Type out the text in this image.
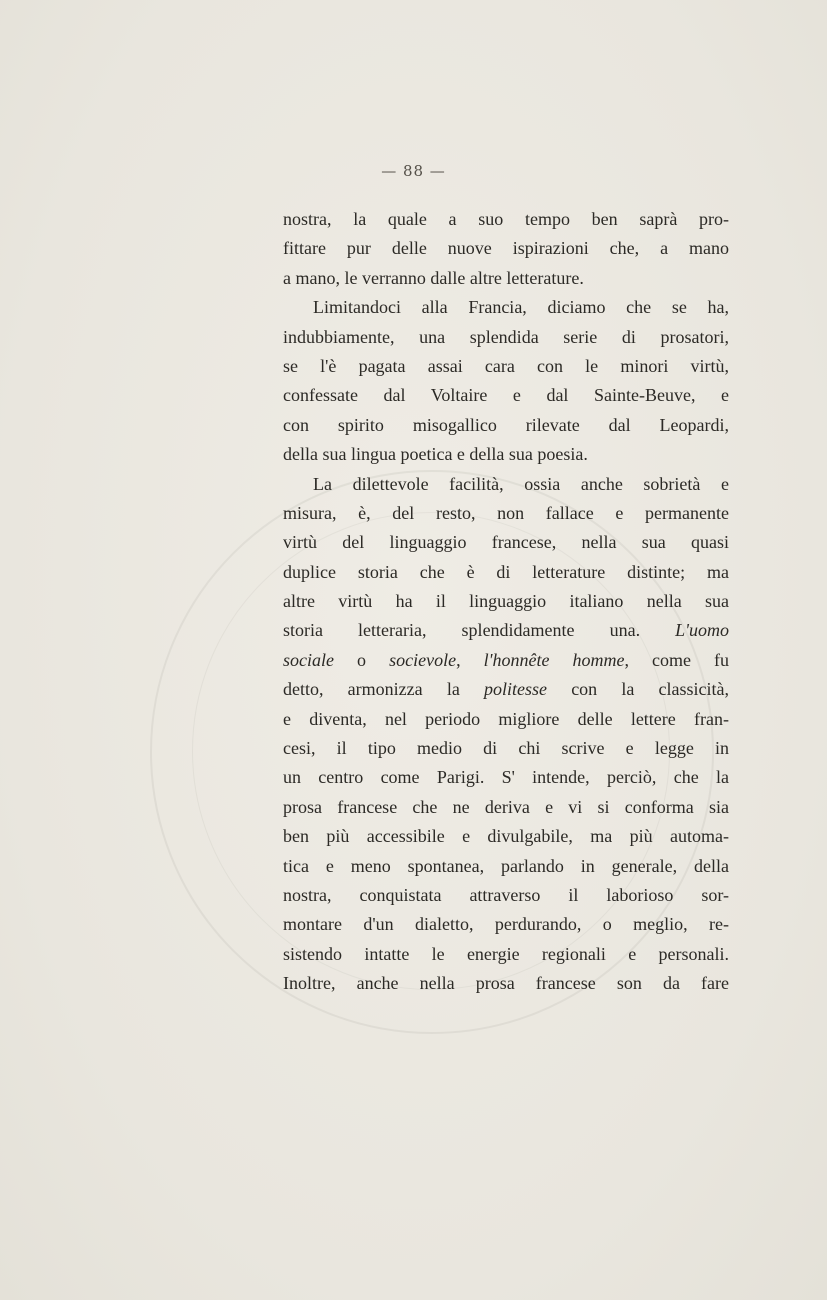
— 88 —
nostra, la quale a suo tempo ben saprà pro-
fittare pur delle nuove ispirazioni che, a mano
a mano, le verranno dalle altre letterature.
Limitandoci alla Francia, diciamo che se ha,
indubbiamente, una splendida serie di prosatori,
se l'è pagata assai cara con le minori virtù,
confessate dal Voltaire e dal Sainte-Beuve, e
con spirito misogallico rilevate dal Leopardi,
della sua lingua poetica e della sua poesia.
La dilettevole facilità, ossia anche sobrietà e
misura, è, del resto, non fallace e permanente
virtù del linguaggio francese, nella sua quasi
duplice storia che è di letterature distinte; ma
altre virtù ha il linguaggio italiano nella sua
storia letteraria, splendidamente una. L'uomo
sociale o socievole, l'honnête homme, come fu
detto, armonizza la politesse con la classicità,
e diventa, nel periodo migliore delle lettere fran-
cesi, il tipo medio di chi scrive e legge in
un centro come Parigi. S' intende, perciò, che la
prosa francese che ne deriva e vi si conforma sia
ben più accessibile e divulgabile, ma più automa-
tica e meno spontanea, parlando in generale, della
nostra, conquistata attraverso il laborioso sor-
montare d'un dialetto, perdurando, o meglio, re-
sistendo intatte le energie regionali e personali.
Inoltre, anche nella prosa francese son da fare
